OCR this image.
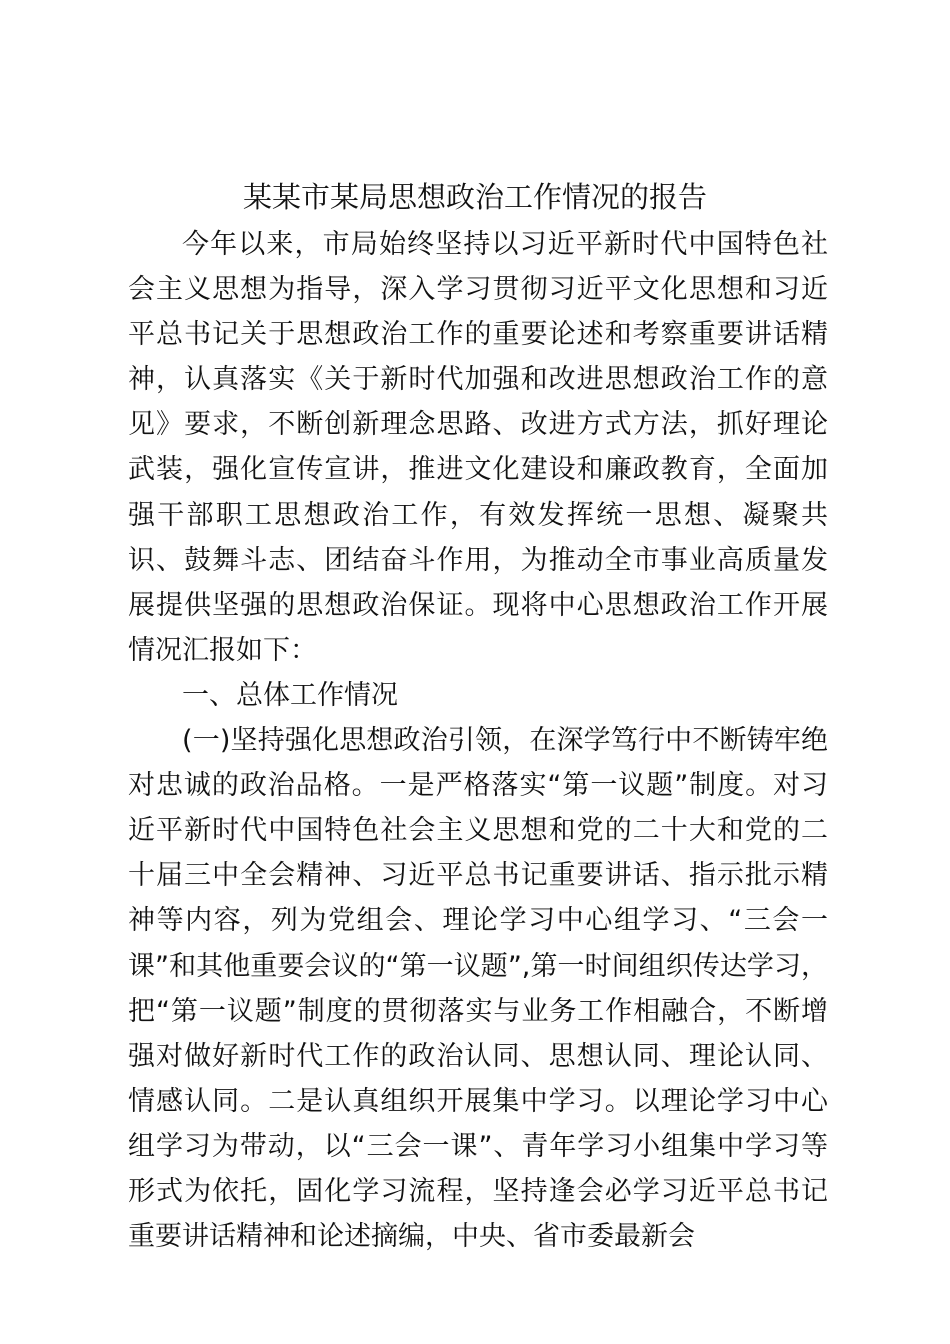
某某市某局思想政治工作情况的报告

今年以来，市局始终坚持以习近平新时代中国特色社会主义思想为指导，深入学习贯彻习近平文化思想和习近平总书记关于思想政治工作的重要论述和考察重要讲话精神，认真落实《关于新时代加强和改进思想政治工作的意见》要求，不断创新理念思路、改进方式方法，抓好理论武装，强化宣传宣讲，推进文化建设和廉政教育，全面加强干部职工思想政治工作，有效发挥统一思想、凝聚共识、鼓舞斗志、团结奋斗作用，为推动全市事业高质量发展提供坚强的思想政治保证。现将中心思想政治工作开展情况汇报如下：

一、总体工作情况

(一)坚持强化思想政治引领，在深学笃行中不断铸牢绝对忠诚的政治品格。一是严格落实“第一议题”制度。对习近平新时代中国特色社会主义思想和党的二十大和党的二十届三中全会精神、习近平总书记重要讲话、指示批示精神等内容，列为党组会、理论学习中心组学习、“三会一课”和其他重要会议的“第一议题”,第一时间组织传达学习，把“第一议题”制度的贯彻落实与业务工作相融合，不断增强对做好新时代工作的政治认同、思想认同、理论认同、情感认同。二是认真组织开展集中学习。以理论学习中心组学习为带动，以“三会一课”、青年学习小组集中学习等形式为依托，固化学习流程，坚持逢会必学习近平总书记重要讲话精神和论述摘编，中央、省市委最新会
